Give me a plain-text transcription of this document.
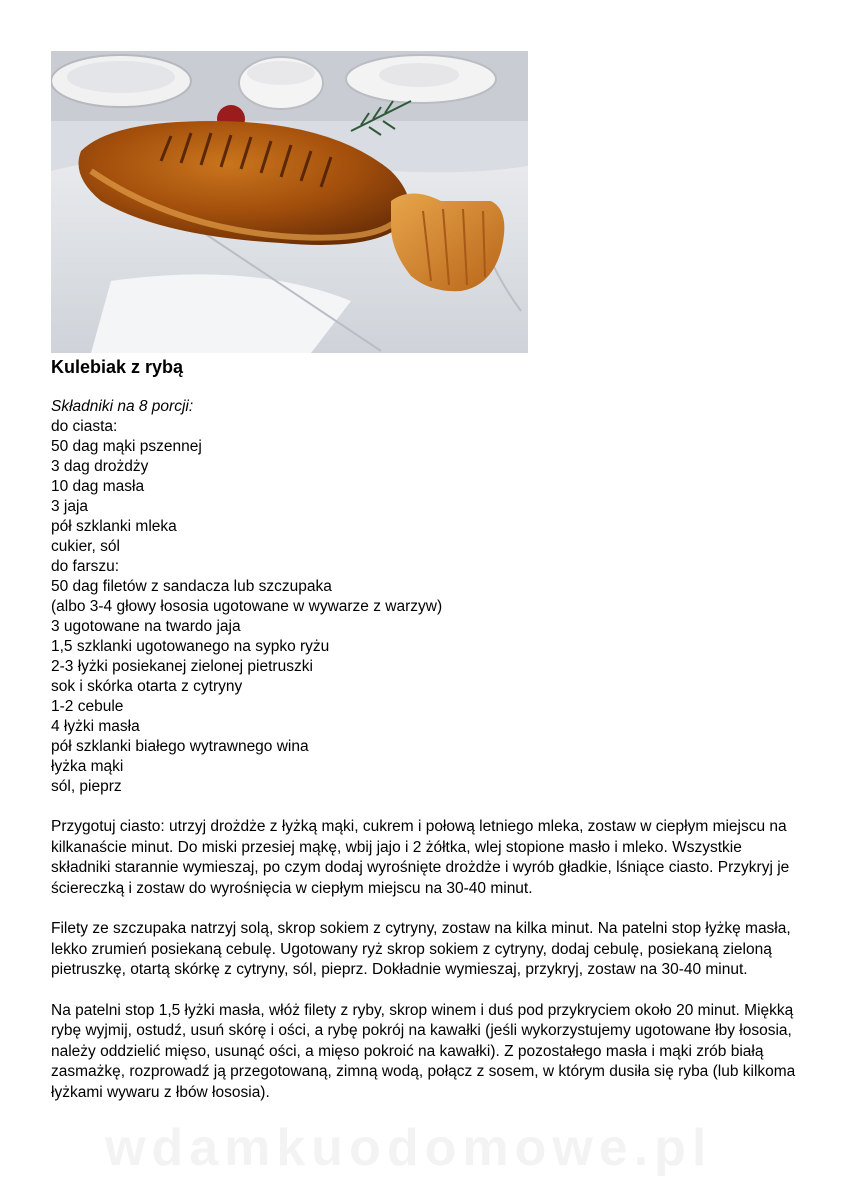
Kulebiak z rybą
Składniki na 8 porcji:
do ciasta:
50 dag mąki pszennej
3 dag drożdży
10 dag masła
3 jaja
pół szklanki mleka
cukier, sól
do farszu:
50 dag filetów z sandacza lub szczupaka
(albo 3-4 głowy łososia ugotowane w wywarze z warzyw)
3 ugotowane na twardo jaja
1,5 szklanki ugotowanego na sypko ryżu
2-3 łyżki posiekanej zielonej pietruszki
sok i skórka otarta z cytryny
1-2 cebule
4 łyżki masła
pół szklanki białego wytrawnego wina
łyżka mąki
sól, pieprz

Przygotuj ciasto: utrzyj drożdże z łyżką mąki, cukrem i połową letniego mleka, zostaw w ciepłym miejscu na kilkanaście minut. Do miski przesiej mąkę, wbij jajo i 2 żółtka, wlej stopione masło i mleko. Wszystkie składniki starannie wymieszaj, po czym dodaj wyrośnięte drożdże i wyrób gładkie, lśniące ciasto. Przykryj je ściereczką i zostaw do wyrośnięcia w ciepłym miejscu na 30-40 minut.

Filety ze szczupaka natrzyj solą, skrop sokiem z cytryny, zostaw na kilka minut. Na patelni stop łyżkę masła, lekko zrumień posiekaną cebulę. Ugotowany ryż skrop sokiem z cytryny, dodaj cebulę, posiekaną zieloną pietruszkę, otartą skórkę z cytryny, sól, pieprz. Dokładnie wymieszaj, przykryj, zostaw na 30-40 minut.

Na patelni stop 1,5 łyżki masła, włóż filety z ryby, skrop winem i duś pod przykryciem około 20 minut. Miękką rybę wyjmij, ostudź, usuń skórę i ości, a rybę pokrój na kawałki (jeśli wykorzystujemy ugotowane łby łososia, należy oddzielić mięso, usunąć ości, a mięso pokroić na kawałki). Z pozostałego masła i mąki zrób białą zasmażkę, rozprowadź ją przegotowaną, zimną wodą, połącz z sosem, w którym dusiła się ryba (lub kilkoma łyżkami wywaru z łbów łososia).
